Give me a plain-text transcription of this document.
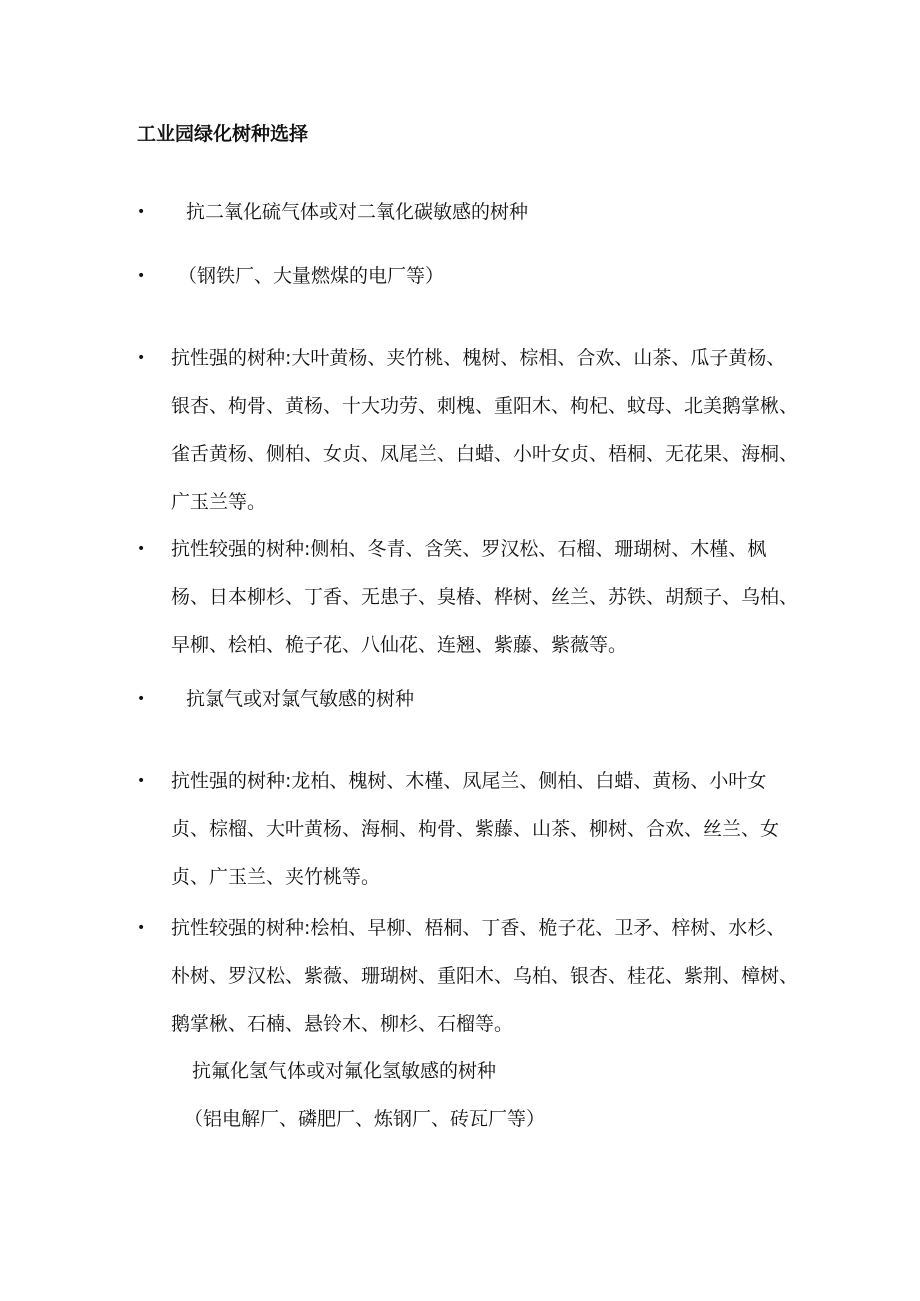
工业园绿化树种选择
• 抗二氧化硫气体或对二氧化碳敏感的树种
• （钢铁厂、大量燃煤的电厂等）
• 抗性强的树种:大叶黄杨、夹竹桃、槐树、棕相、合欢、山茶、瓜子黄杨、银杏、枸骨、黄杨、十大功劳、刺槐、重阳木、枸杞、蚊母、北美鹅掌楸、雀舌黄杨、侧柏、女贞、凤尾兰、白蜡、小叶女贞、梧桐、无花果、海桐、广玉兰等。
• 抗性较强的树种:侧柏、冬青、含笑、罗汉松、石榴、珊瑚树、木槿、枫杨、日本柳杉、丁香、无患子、臭椿、桦树、丝兰、苏铁、胡颓子、乌柏、早柳、桧柏、桅子花、八仙花、连翘、紫藤、紫薇等。
• 抗氯气或对氯气敏感的树种
• 抗性强的树种:龙柏、槐树、木槿、凤尾兰、侧柏、白蜡、黄杨、小叶女贞、棕榴、大叶黄杨、海桐、枸骨、紫藤、山茶、柳树、合欢、丝兰、女贞、广玉兰、夹竹桃等。
• 抗性较强的树种:桧柏、早柳、梧桐、丁香、桅子花、卫矛、梓树、水杉、朴树、罗汉松、紫薇、珊瑚树、重阳木、乌柏、银杏、桂花、紫荆、樟树、鹅掌楸、石楠、悬铃木、柳杉、石榴等。
抗氟化氢气体或对氟化氢敏感的树种
（铝电解厂、磷肥厂、炼钢厂、砖瓦厂等）
